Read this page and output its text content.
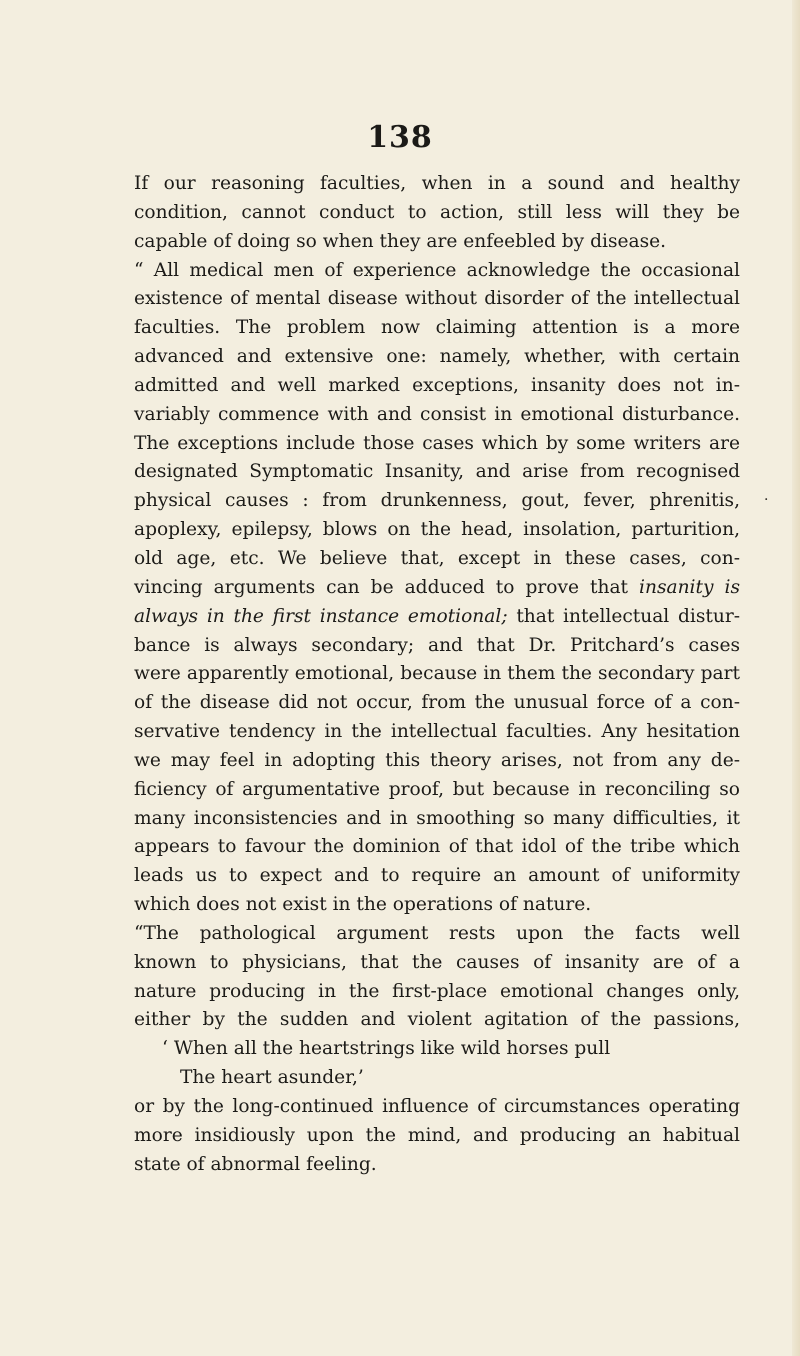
138
If our reasoning faculties, when in a sound and healthy
condition, cannot conduct to action, still less will they be
capable of doing so when they are enfeebled by disease.
“ All medical men of experience acknowledge the occasional
existence of mental disease without disorder of the intellectual
faculties. The problem now claiming attention is a more
advanced and extensive one: namely, whether, with certain
admitted and well marked exceptions, insanity does not in-
variably commence with and consist in emotional disturbance.
The exceptions include those cases which by some writers are
designated Symptomatic Insanity, and arise from recognised
physical causes : from drunkenness, gout, fever, phrenitis,
apoplexy, epilepsy, blows on the head, insolation, parturition,
old age, etc. We believe that, except in these cases, con-
vincing arguments can be adduced to prove that insanity is
always in the first instance emotional; that intellectual distur-
bance is always secondary; and that Dr. Pritchard’s cases
were apparently emotional, because in them the secondary part
of the disease did not occur, from the unusual force of a con-
servative tendency in the intellectual faculties. Any hesitation
we may feel in adopting this theory arises, not from any de-
ficiency of argumentative proof, but because in reconciling so
many inconsistencies and in smoothing so many difficulties, it
appears to favour the dominion of that idol of the tribe which
leads us to expect and to require an amount of uniformity
which does not exist in the operations of nature.
“The pathological argument rests upon the facts well
known to physicians, that the causes of insanity are of a
nature producing in the first-place emotional changes only,
either by the sudden and violent agitation of the passions,
‘ When all the heartstrings like wild horses pull
The heart asunder,’
or by the long-continued influence of circumstances operating
more insidiously upon the mind, and producing an habitual
state of abnormal feeling.
·
